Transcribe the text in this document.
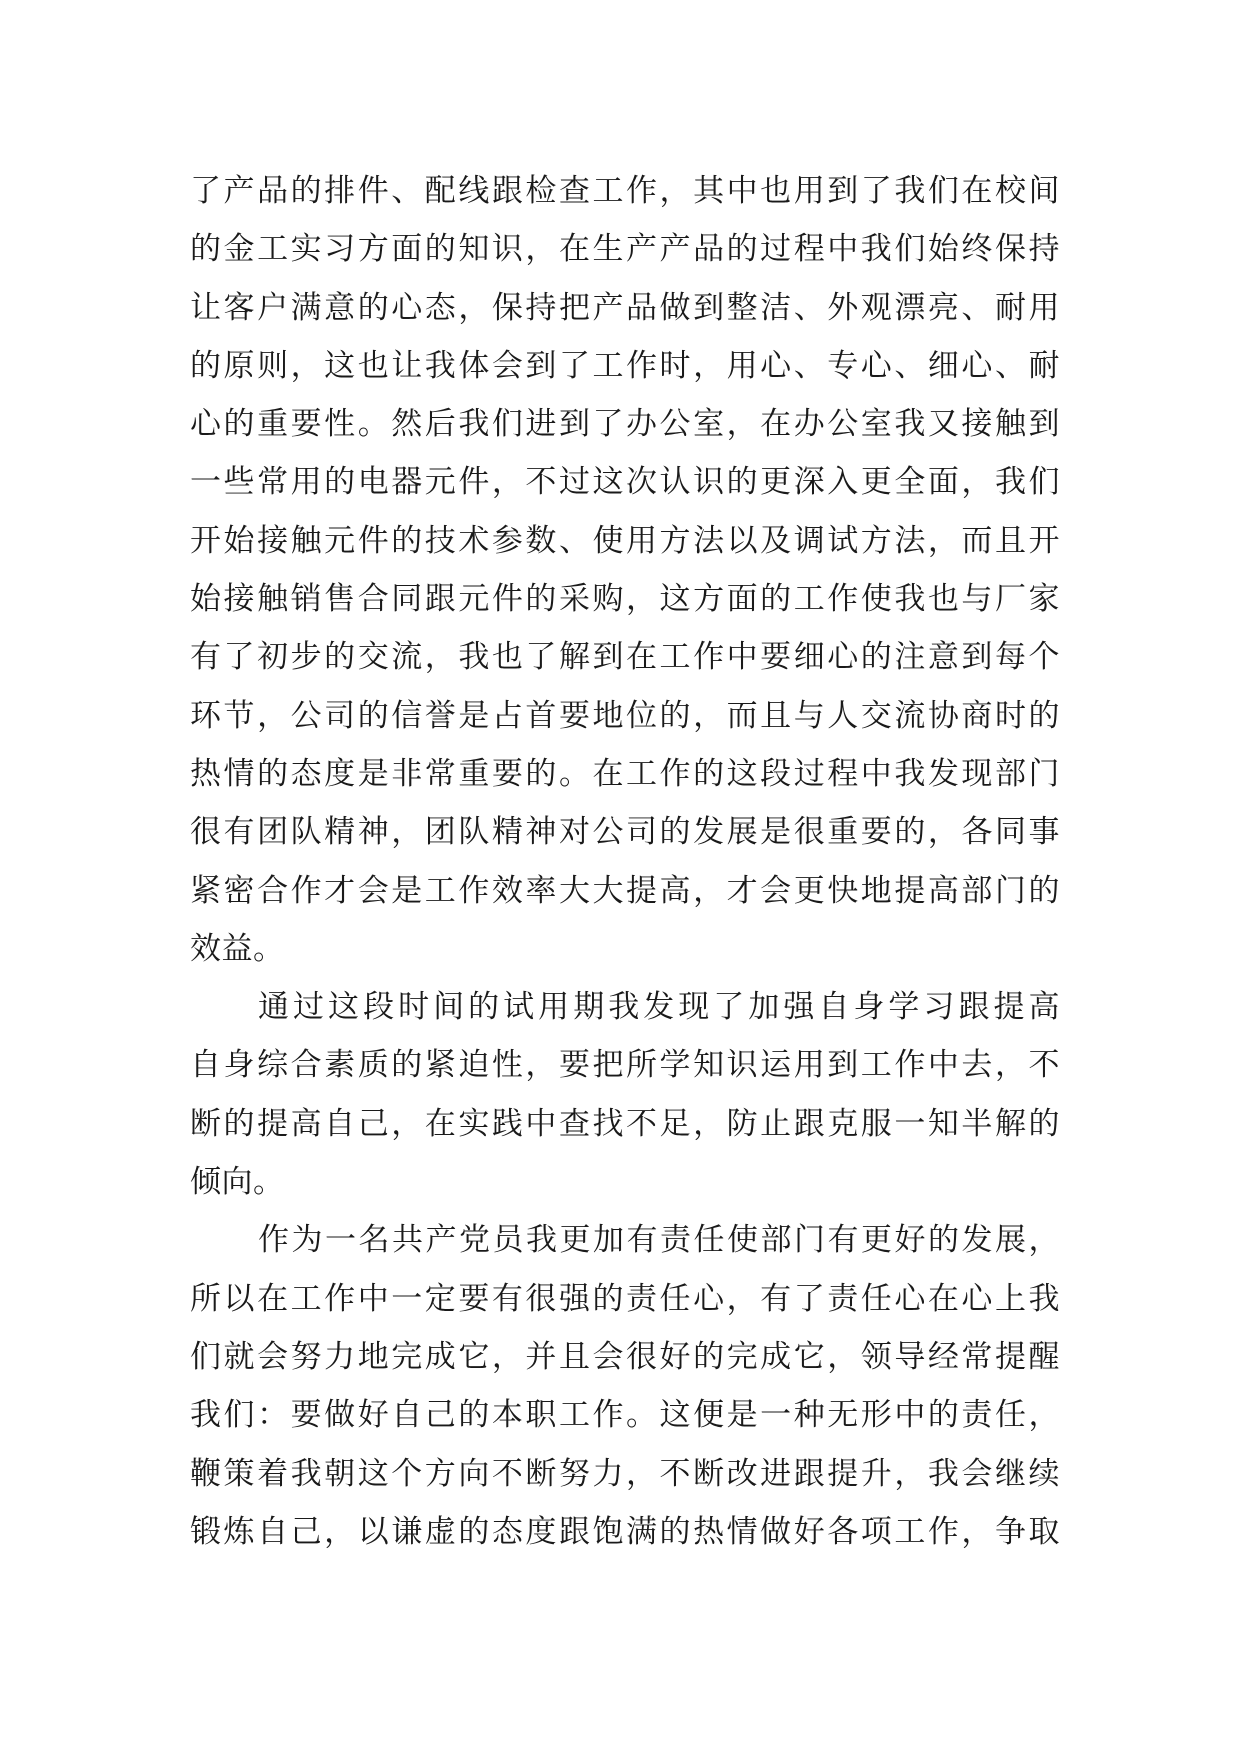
了产品的排件、配线跟检查工作，其中也用到了我们在校间
的金工实习方面的知识，在生产产品的过程中我们始终保持
让客户满意的心态，保持把产品做到整洁、外观漂亮、耐用
的原则，这也让我体会到了工作时，用心、专心、细心、耐
心的重要性。然后我们进到了办公室，在办公室我又接触到
一些常用的电器元件，不过这次认识的更深入更全面，我们
开始接触元件的技术参数、使用方法以及调试方法，而且开
始接触销售合同跟元件的采购，这方面的工作使我也与厂家
有了初步的交流，我也了解到在工作中要细心的注意到每个
环节，公司的信誉是占首要地位的，而且与人交流协商时的
热情的态度是非常重要的。在工作的这段过程中我发现部门
很有团队精神，团队精神对公司的发展是很重要的，各同事
紧密合作才会是工作效率大大提高，才会更快地提高部门的
效益。
通过这段时间的试用期我发现了加强自身学习跟提高
自身综合素质的紧迫性，要把所学知识运用到工作中去，不
断的提高自己，在实践中查找不足，防止跟克服一知半解的
倾向。
作为一名共产党员我更加有责任使部门有更好的发展，
所以在工作中一定要有很强的责任心，有了责任心在心上我
们就会努力地完成它，并且会很好的完成它，领导经常提醒
我们：要做好自己的本职工作。这便是一种无形中的责任，
鞭策着我朝这个方向不断努力，不断改进跟提升，我会继续
锻炼自己，以谦虚的态度跟饱满的热情做好各项工作，争取
